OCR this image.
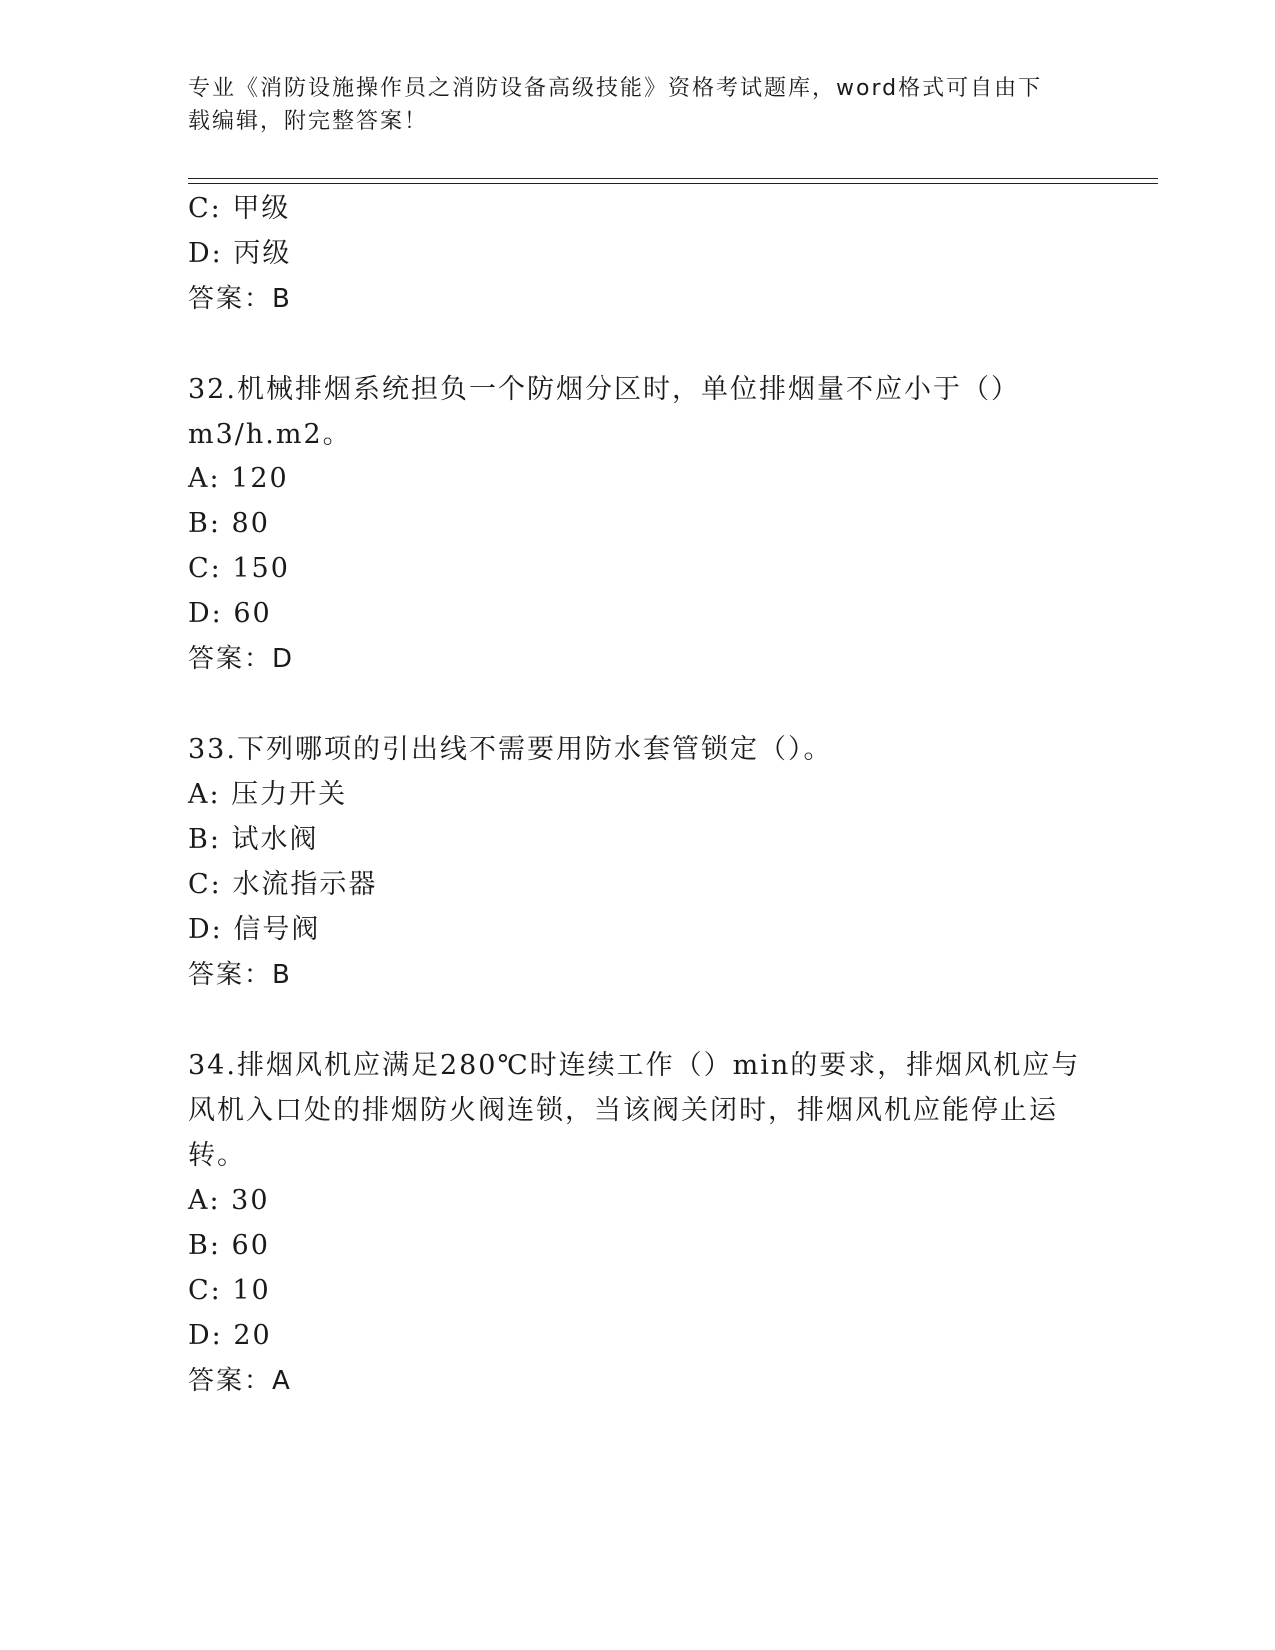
专业《消防设施操作员之消防设备高级技能》资格考试题库，word格式可自由下
载编辑，附完整答案！
C: 甲级
D: 丙级
答案：B
32.机械排烟系统担负一个防烟分区时，单位排烟量不应小于（）
m3/h.m2。
A: 120
B: 80
C: 150
D: 60
答案：D
33.下列哪项的引出线不需要用防水套管锁定（）。
A: 压力开关
B: 试水阀
C: 水流指示器
D: 信号阀
答案：B
34.排烟风机应满足280℃时连续工作（）min的要求，排烟风机应与
风机入口处的排烟防火阀连锁，当该阀关闭时，排烟风机应能停止运
转。
A: 30
B: 60
C: 10
D: 20
答案：A
